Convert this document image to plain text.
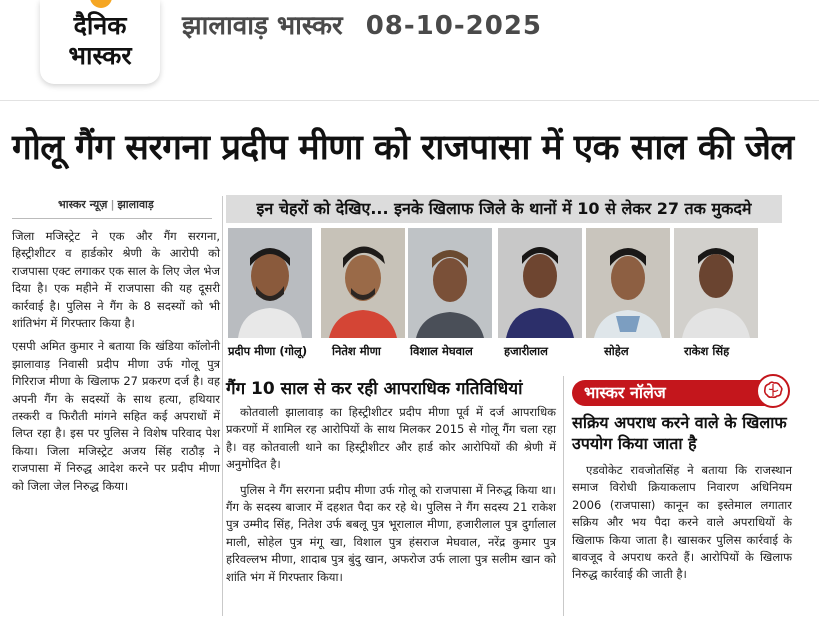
दैनिक
भास्कर
झालावाड़ भास्कर 08-10-2025
गोलू गैंग सरगना प्रदीप मीणा को राजपासा में एक साल की जेल
भास्कर न्यूज़ | झालावाड़

जिला मजिस्ट्रेट ने एक और गैंग सरगना, हिस्ट्रीशीटर व हार्डकोर श्रेणी के आरोपी को राजपासा एक्ट लगाकर एक साल के लिए जेल भेज दिया है। एक महीने में राजपासा की यह दूसरी कार्रवाई है। पुलिस ने गैंग के 8 सदस्यों को भी शांतिभंग में गिरफ्तार किया है।

एसपी अमित कुमार ने बताया कि खंडिया कॉलोनी झालावाड़ निवासी प्रदीप मीणा उर्फ गोलू पुत्र गिरिराज मीणा के खिलाफ 27 प्रकरण दर्ज है। वह अपनी गैंग के सदस्यों के साथ हत्या, हथियार तस्करी व फिरौती मांगने सहित कई अपराधों में लिप्त रहा है। इस पर पुलिस ने विशेष परिवाद पेश किया। जिला मजिस्ट्रेट अजय सिंह राठौड़ ने राजपासा में निरुद्ध आदेश करने पर प्रदीप मीणा को जिला जेल निरुद्ध किया।

इन चेहरों को देखिए... इनके खिलाफ जिले के थानों में 10 से लेकर 27 तक मुकदमे
प्रदीप मीणा (गोलू) नितेश मीणा	विशाल मेघवाल	हजारीलाल	सोहेल	राकेश सिंह
गैंग 10 साल से कर रही आपराधिक गतिविधियां

कोतवाली झालावाड़ का हिस्ट्रीशीटर प्रदीप मीणा पूर्व में दर्ज आपराधिक प्रकरणों में शामिल रह आरोपियों के साथ मिलकर 2015 से गोलू गैंग चला रहा है। वह कोतवाली थाने का हिस्ट्रीशीटर और हार्ड कोर आरोपियों की श्रेणी में अनुमोदित है।

पुलिस ने गैंग सरगना प्रदीप मीणा उर्फ गोलू को राजपासा में निरुद्ध किया था। गैंग के सदस्य बाजार में दहशत पैदा कर रहे थे। पुलिस ने गैंग सदस्य 21 राकेश पुत्र उम्मीद सिंह, नितेश उर्फ बबलू पुत्र भूरालाल मीणा, हजारीलाल पुत्र दुर्गालाल माली, सोहेल पुत्र मंगू खा, विशाल पुत्र हंसराज मेघवाल, नरेंद्र कुमार पुत्र हरिवल्लभ मीणा, शादाब पुत्र बुंदु खान, अफरोज उर्फ लाला पुत्र सलीम खान को शांति भंग में गिरफ्तार किया।

भास्कर नॉलेज
सक्रिय अपराध करने वाले के खिलाफ उपयोग किया जाता है

एडवोकेट रावजोतसिंह ने बताया कि राजस्थान समाज विरोधी क्रियाकलाप निवारण अधिनियम 2006 (राजपासा) कानून का इस्तेमाल लगातार सक्रिय और भय पैदा करने वाले अपराधियों के खिलाफ किया जाता है। खासकर पुलिस कार्रवाई के बावजूद वे अपराध करते हैं। आरोपियों के खिलाफ निरुद्ध कार्रवाई की जाती है।
